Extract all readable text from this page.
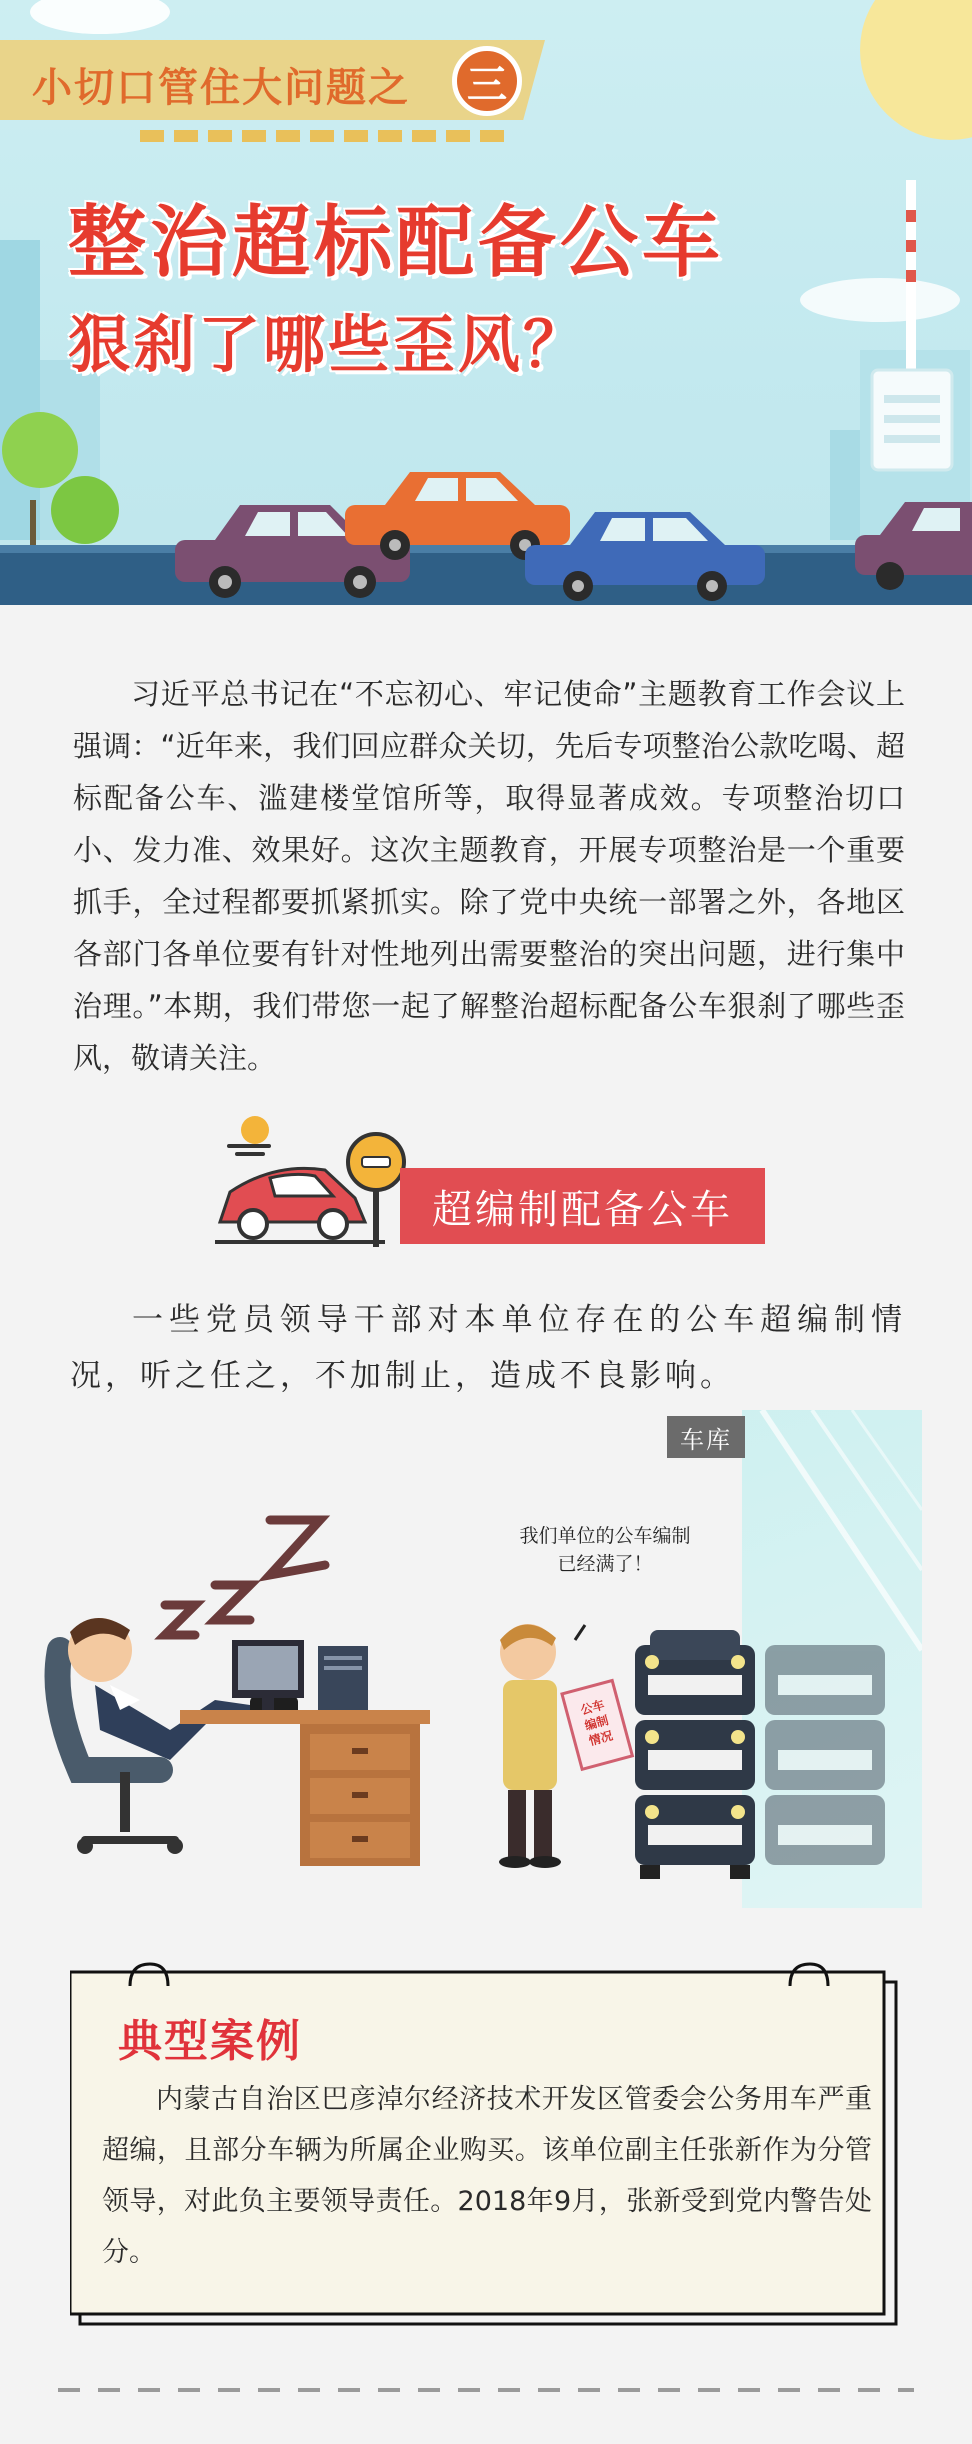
小切口管住大问题之	三
整治超标配备公车
狠刹了哪些歪风？
习近平总书记在“不忘初心、牢记使命”主题教育工作会议上强调：“近年来，我们回应群众关切，先后专项整治公款吃喝、超标配备公车、滥建楼堂馆所等，取得显著成效。专项整治切口小、发力准、效果好。这次主题教育，开展专项整治是一个重要抓手，全过程都要抓紧抓实。除了党中央统一部署之外，各地区各部门各单位要有针对性地列出需要整治的突出问题，进行集中治理。”本期，我们带您一起了解整治超标配备公车狠刹了哪些歪风，敬请关注。
超编制配备公车
一些党员领导干部对本单位存在的公车超编制情况，听之任之，不加制止，造成不良影响。
车库
公车
编制
情况
我们单位的公车编制
已经满了！
典型案例
内蒙古自治区巴彦淖尔经济技术开发区管委会公务用车严重超编，且部分车辆为所属企业购买。该单位副主任张新作为分管领导，对此负主要领导责任。2018年9月，张新受到党内警告处分。
